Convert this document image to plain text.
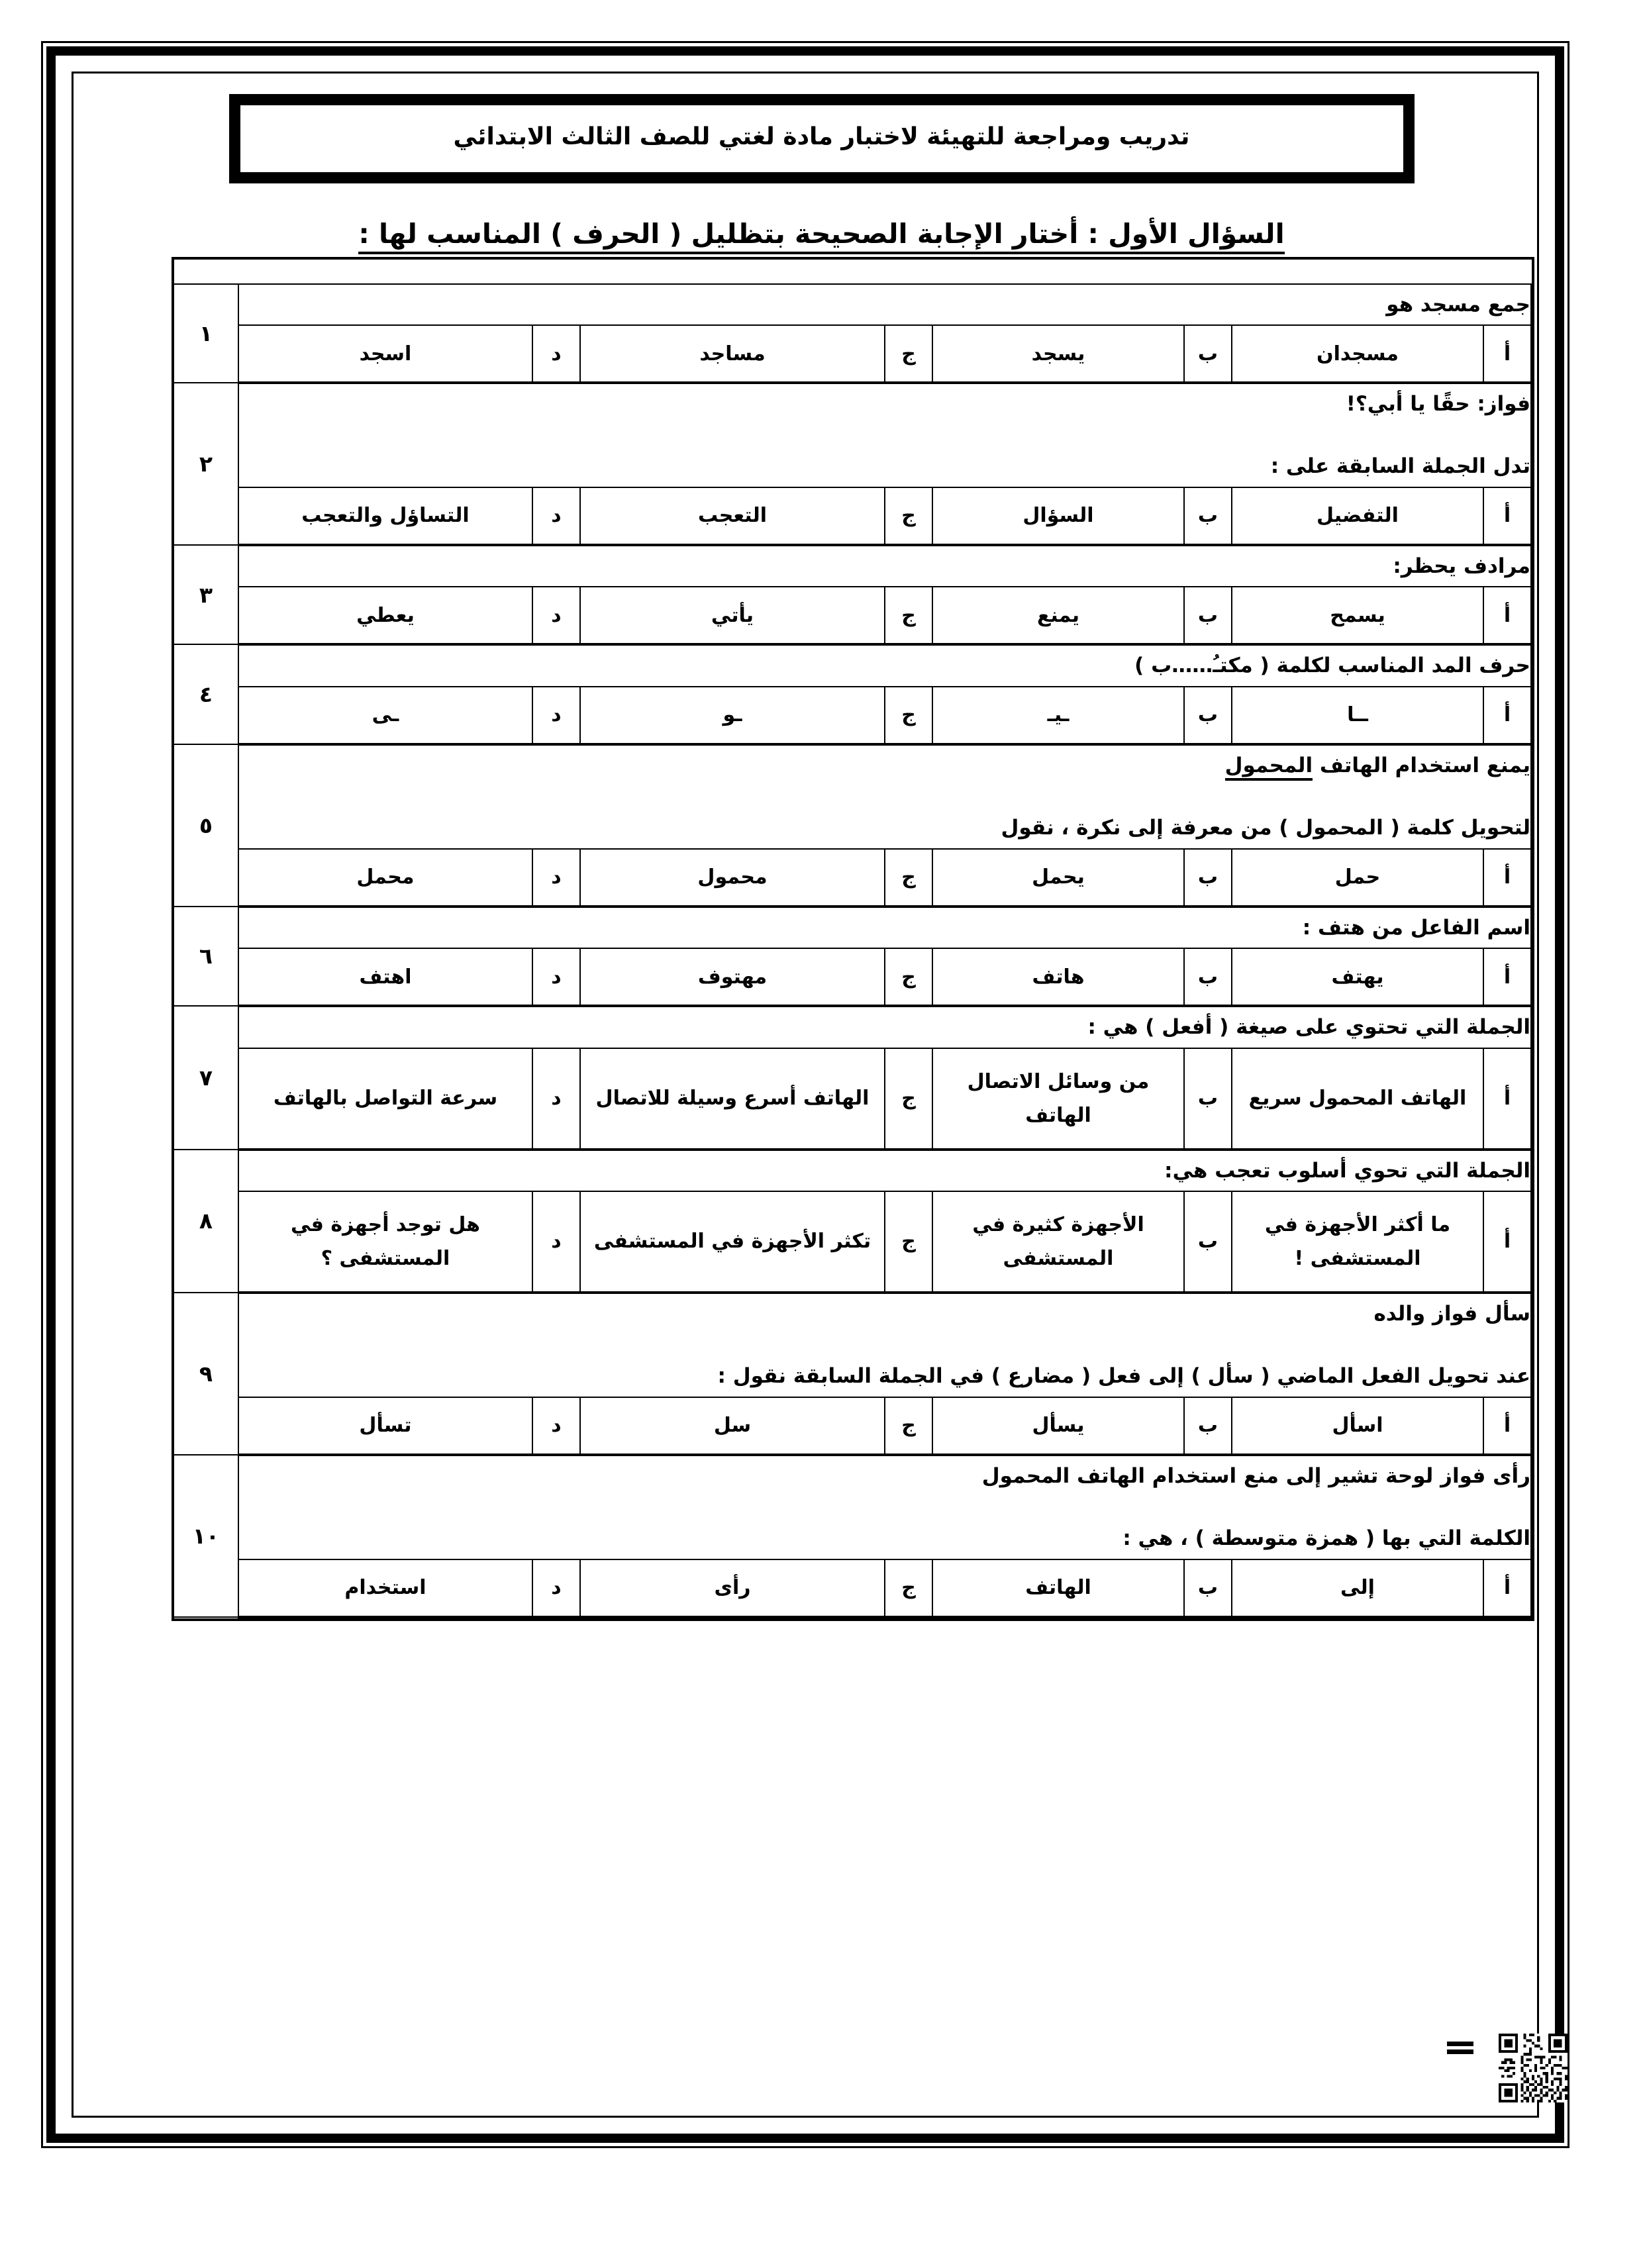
تدريب ومراجعة للتهيئة لاختبار مادة لغتي للصف الثالث الابتدائي
السؤال الأول : أختار الإجابة الصحيحة بتظليل ( الحرف ) المناسب لها :
جمع مسجد هو								١
أ	مسجدان	ب	يسجد	ج	مساجد	د	اسجد	

فواز: حقًا يا أبي؟!
تدل الجملة السابقة على :								٢
أ	التفضيل	ب	السؤال	ج	التعجب	د	التساؤل والتعجب	

مرادف يحظر:								٣
أ	يسمح	ب	يمنع	ج	يأتي	د	يعطي	

حرف المد المناسب لكلمة ( مكتـُ……ب )								٤
أ	ــا	ب	ـيـ	ج	ـو	د	ـى	

يمنع استخدام الهاتف المحمول
لتحويل كلمة ( المحمول ) من معرفة إلى نكرة ، نقول								٥
أ	حمل	ب	يحمل	ج	محمول	د	محمل	

اسم الفاعل من هتف :								٦
أ	يهتف	ب	هاتف	ج	مهتوف	د	اهتف	

الجملة التي تحتوي على صيغة ( أفعل ) هي :								٧
أ	الهاتف المحمول سريع	ب	من وسائل الاتصال الهاتف	ج	الهاتف أسرع وسيلة للاتصال	د	سرعة التواصل بالهاتف	

الجملة التي تحوي أسلوب تعجب هي:								٨
أ	ما أكثر الأجهزة في المستشفى !	ب	الأجهزة كثيرة في المستشفى	ج	تكثر الأجهزة في المستشفى	د	هل توجد أجهزة في المستشفى ؟	

سأل فواز والده
عند تحويل الفعل الماضي ( سأل ) إلى فعل ( مضارع ) في الجملة السابقة نقول :								٩
أ	اسأل	ب	يسأل	ج	سل	د	تسأل	

رأى فواز لوحة تشير إلى منع استخدام الهاتف المحمول
الكلمة التي بها ( همزة متوسطة ) ، هي :								١٠
أ	إلى	ب	الهاتف	ج	رأى	د	استخدام	
